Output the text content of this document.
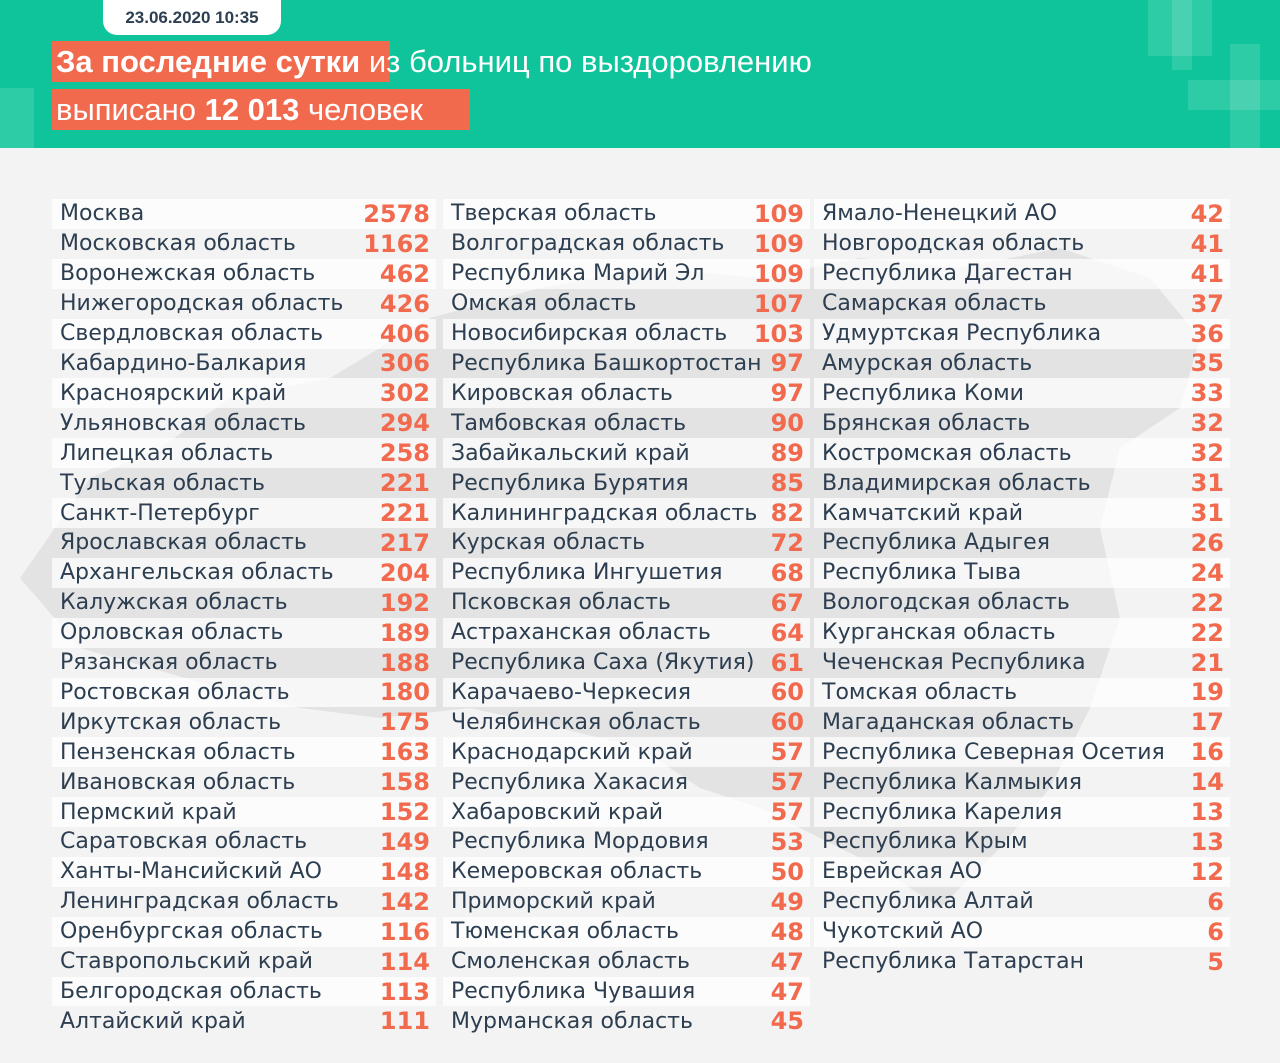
23.06.2020 10:35
За последние сутки из больниц по выздоровлению
выписано 12 013 человек
Москва	2578
Московская область	1162
Воронежская область	462
Нижегородская область 426
Свердловская область 406
Кабардино-Балкария	306
Красноярский край	302
Ульяновская область	294
Липецкая область	258
Тульская область	221
Санкт-Петербург	221
Ярославская область	217
Архангельская область 204
Калужская область	192
Орловская область	189
Рязанская область	188
Ростовская область	180
Иркутская область	175
Пензенская область	163
Ивановская область	158
Пермский край	152
Саратовская область	149
Ханты-Мансийский АО 148
Ленинградская область 142
Оренбургская область 116
Ставропольский край	114
Белгородская область 113
Алтайский край	111
Тверская область	109
Волгоградская область 109
Республика Марий Эл 109
Омская область	107
Новосибирская область 103
Республика Башкортостан 97
Кировская область	97
Тамбовская область	90
Забайкальский край	89
Республика Бурятия	85
Калининградская область 82
Курская область	72
Республика Ингушетия 68
Псковская область	67
Астраханская область 64
Республика Саха (Якутия) 61
Карачаево-Черкесия	60
Челябинская область	60
Краснодарский край	57
Республика Хакасия	57
Хабаровский край	57
Республика Мордовия	53
Кемеровская область	50
Приморский край	49
Тюменская область	48
Смоленская область	47
Республика Чувашия	47
Мурманская область	45
Ямало-Ненецкий АО	42
Новгородская область	41
Республика Дагестан	41
Самарская область	37
Удмуртская Республика	36
Амурская область	35
Республика Коми	33
Брянская область	32
Костромская область	32
Владимирская область	31
Камчатский край	31
Республика Адыгея	26
Республика Тыва	24
Вологодская область	22
Курганская область	22
Чеченская Республика	21
Томская область	19
Магаданская область	17
Республика Северная Осетия 16
Республика Калмыкия	14
Республика Карелия	13
Республика Крым	13
Еврейская АО	12
Республика Алтай	6
Чукотский АО	6
Республика Татарстан	5
